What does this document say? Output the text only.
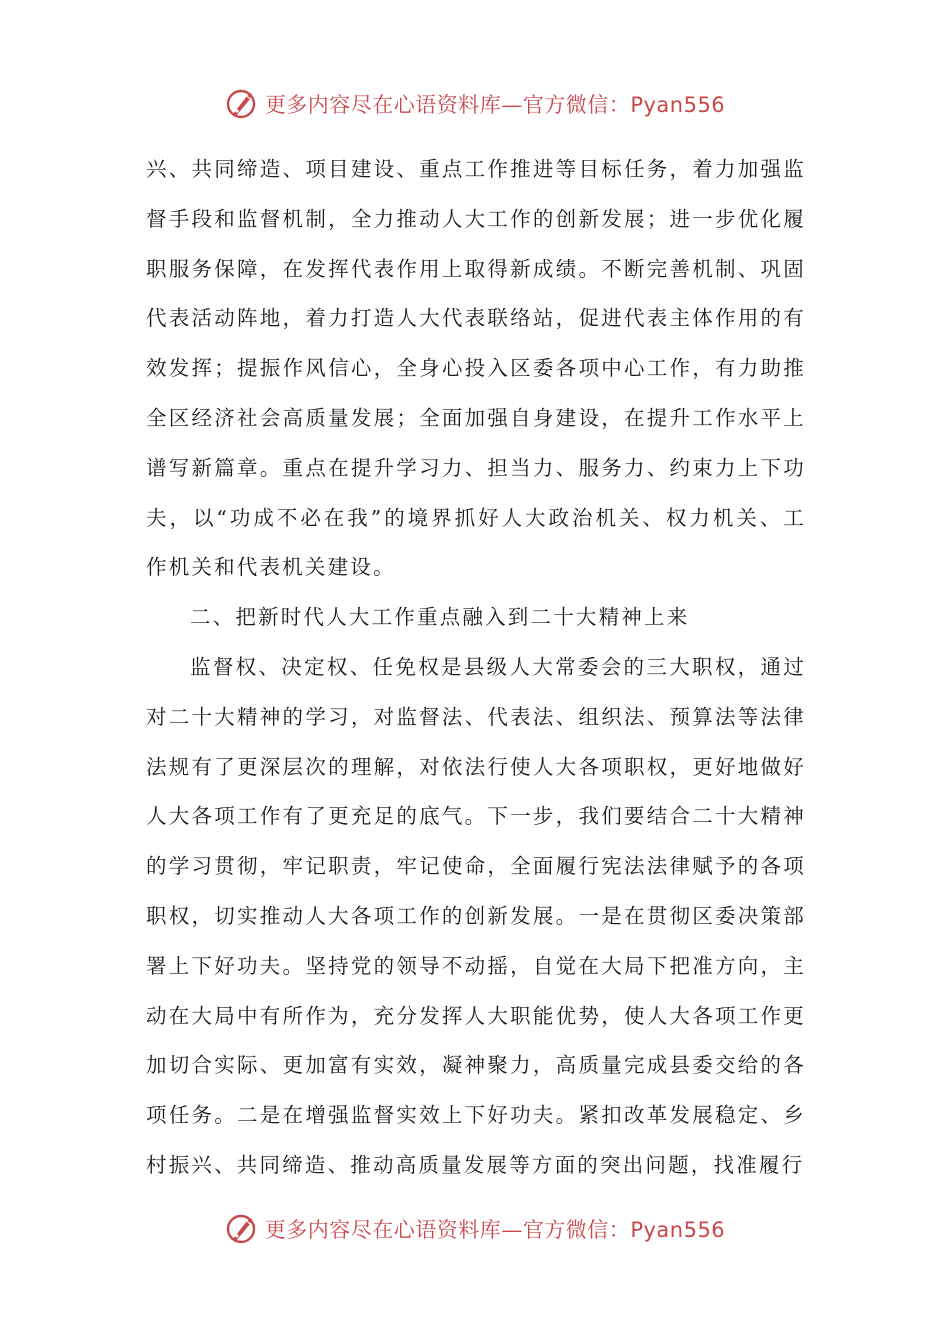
更多内容尽在心语资料库—官方微信：Pyan556

兴、共同缔造、项目建设、重点工作推进等目标任务，着力加强监督手段和监督机制，全力推动人大工作的创新发展；进一步优化履职服务保障，在发挥代表作用上取得新成绩。不断完善机制、巩固代表活动阵地，着力打造人大代表联络站，促进代表主体作用的有效发挥；提振作风信心，全身心投入区委各项中心工作，有力助推全区经济社会高质量发展；全面加强自身建设，在提升工作水平上谱写新篇章。重点在提升学习力、担当力、服务力、约束力上下功夫，以“功成不必在我”的境界抓好人大政治机关、权力机关、工作机关和代表机关建设。

二、把新时代人大工作重点融入到二十大精神上来

监督权、决定权、任免权是县级人大常委会的三大职权，通过对二十大精神的学习，对监督法、代表法、组织法、预算法等法律法规有了更深层次的理解，对依法行使人大各项职权，更好地做好人大各项工作有了更充足的底气。下一步，我们要结合二十大精神的学习贯彻，牢记职责，牢记使命，全面履行宪法法律赋予的各项职权，切实推动人大各项工作的创新发展。一是在贯彻区委决策部署上下好功夫。坚持党的领导不动摇，自觉在大局下把准方向，主动在大局中有所作为，充分发挥人大职能优势，使人大各项工作更加切合实际、更加富有实效，凝神聚力，高质量完成县委交给的各项任务。二是在增强监督实效上下好功夫。紧扣改革发展稳定、乡村振兴、共同缔造、推动高质量发展等方面的突出问题，找准履行

更多内容尽在心语资料库—官方微信：Pyan556
